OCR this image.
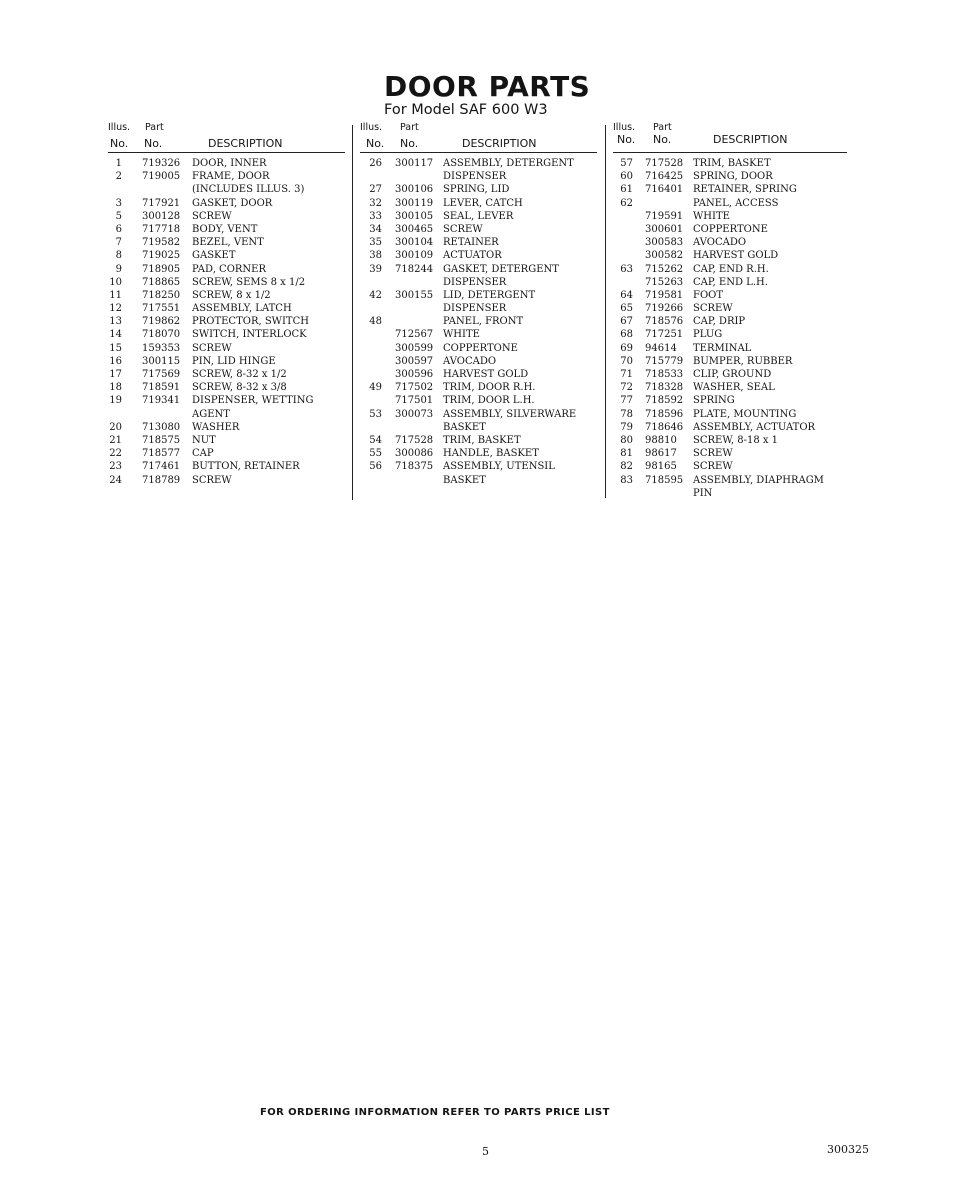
DOOR PARTS
For Model SAF 600 W3
Illus. Part
No. No.	DESCRIPTION
1 719326 DOOR, INNER
2 719005 FRAME, DOOR
(INCLUDES ILLUS. 3)
3 717921 GASKET, DOOR
5 300128 SCREW
6 717718 BODY, VENT
7 719582 BEZEL, VENT
8 719025 GASKET
9 718905 PAD, CORNER
10 718865 SCREW, SEMS 8 x 1/2
11 718250 SCREW, 8 x 1/2
12 717551 ASSEMBLY, LATCH
13 719862 PROTECTOR, SWITCH
14 718070 SWITCH, INTERLOCK
15 159353 SCREW
16 300115 PIN, LID HINGE
17 717569 SCREW, 8-32 x 1/2
18 718591 SCREW, 8-32 x 3/8
19 719341 DISPENSER, WETTING
AGENT
20 713080 WASHER
21 718575 NUT
22 718577 CAP
23 717461 BUTTON, RETAINER
24 718789 SCREW
Illus. Part
No. No.	DESCRIPTION
26 300117 ASSEMBLY, DETERGENT
DISPENSER
27 300106 SPRING, LID
32 300119 LEVER, CATCH
33 300105 SEAL, LEVER
34 300465 SCREW
35 300104 RETAINER
38 300109 ACTUATOR
39 718244 GASKET, DETERGENT
DISPENSER
42 300155 LID, DETERGENT
DISPENSER
48	PANEL, FRONT
712567 WHITE
300599 COPPERTONE
300597 AVOCADO
300596 HARVEST GOLD
49 717502 TRIM, DOOR R.H.
717501 TRIM, DOOR L.H.
53 300073 ASSEMBLY, SILVERWARE
BASKET
54 717528 TRIM, BASKET
55 300086 HANDLE, BASKET
56 718375 ASSEMBLY, UTENSIL
BASKET
Illus. Part
No. No.	DESCRIPTION
57 717528 TRIM, BASKET
60 716425 SPRING, DOOR
61 716401 RETAINER, SPRING
62	PANEL, ACCESS
719591 WHITE
300601 COPPERTONE
300583 AVOCADO
300582 HARVEST GOLD
63 715262 CAP, END R.H.
715263 CAP, END L.H.
64 719581 FOOT
65 719266 SCREW
67 718576 CAP, DRIP
68 717251 PLUG
69 94614 TERMINAL
70 715779 BUMPER, RUBBER
71 718533 CLIP, GROUND
72 718328 WASHER, SEAL
77 718592 SPRING
78 718596 PLATE, MOUNTING
79 718646 ASSEMBLY, ACTUATOR
80 98810 SCREW, 8-18 x 1
81 98617 SCREW
82 98165 SCREW
83 718595 ASSEMBLY, DIAPHRAGM
PIN
FOR ORDERING INFORMATION REFER TO PARTS PRICE LIST
5	300325
